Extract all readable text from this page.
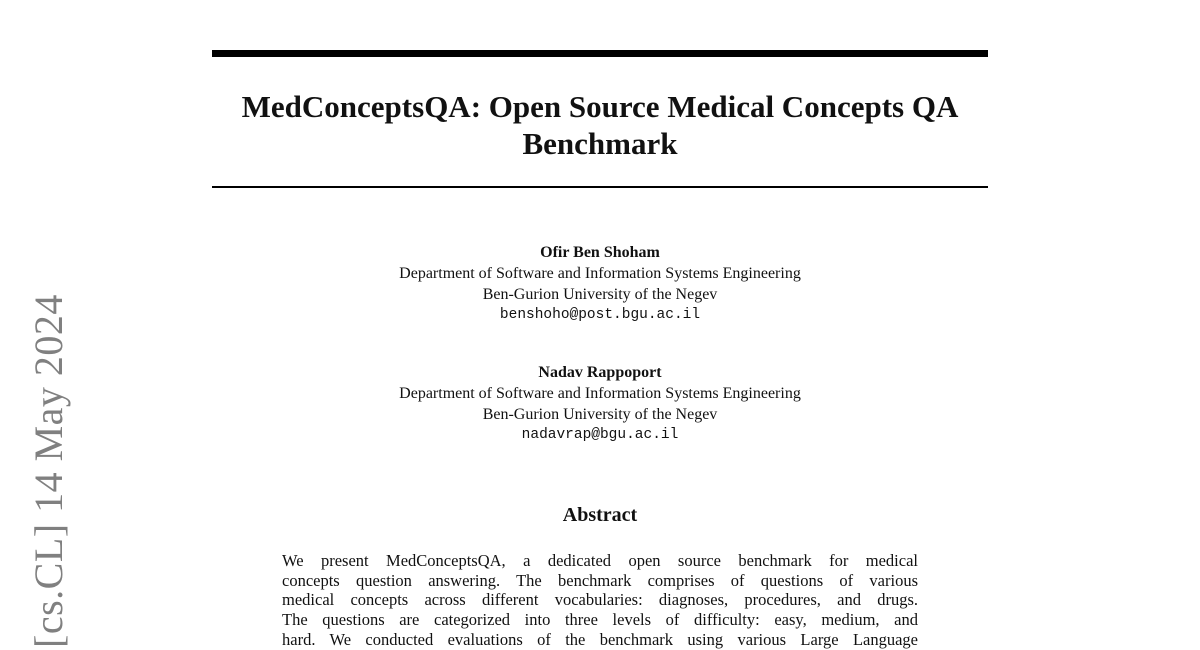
MedConceptsQA: Open Source Medical Concepts QA
Benchmark
Ofir Ben Shoham
Department of Software and Information Systems Engineering
Ben-Gurion University of the Negev
benshoho@post.bgu.ac.il
Nadav Rappoport
Department of Software and Information Systems Engineering
Ben-Gurion University of the Negev
nadavrap@bgu.ac.il
Abstract
We present MedConceptsQA, a dedicated open source benchmark for medical
concepts question answering. The benchmark comprises of questions of various
medical concepts across different vocabularies: diagnoses, procedures, and drugs.
The questions are categorized into three levels of difficulty: easy, medium, and
hard. We conducted evaluations of the benchmark using various Large Language
[cs.CL] 14 May 2024
